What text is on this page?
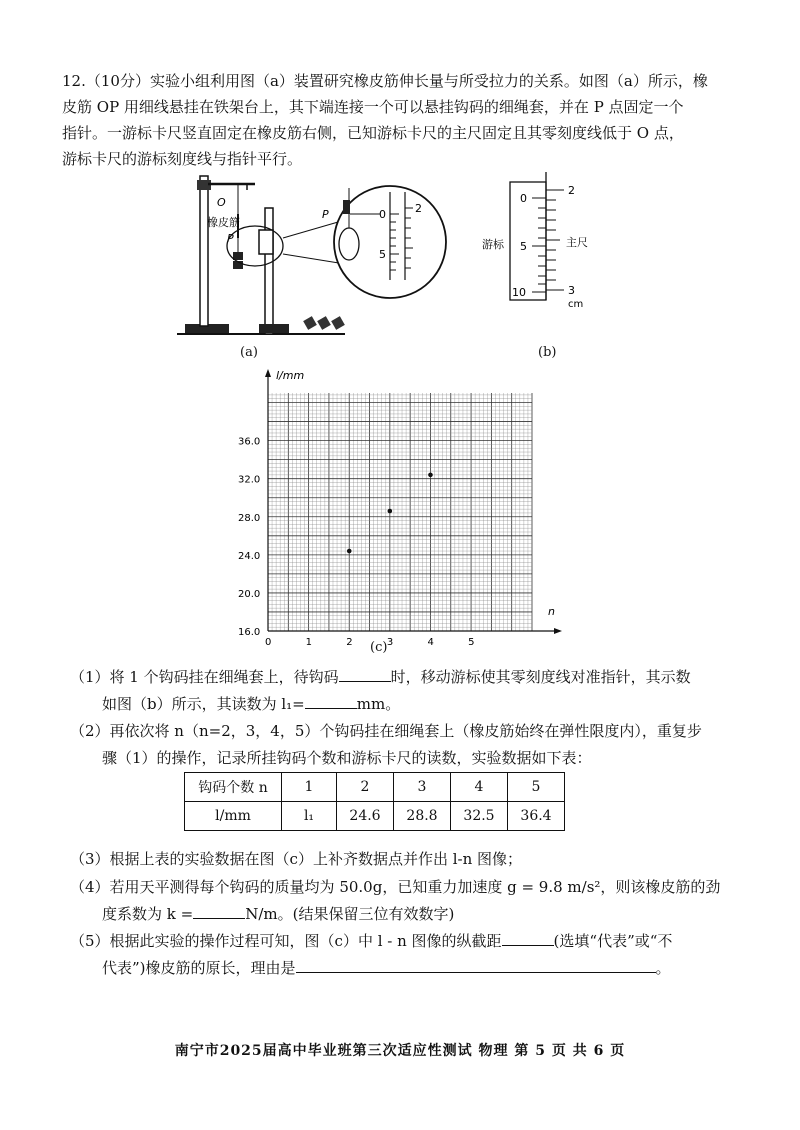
12.（10分）实验小组利用图（a）装置研究橡皮筋伸长量与所受拉力的关系。如图（a）所示，橡

皮筋 OP 用细线悬挂在铁架台上，其下端连接一个可以悬挂钩码的细绳套，并在 P 点固定一个

指针。一游标卡尺竖直固定在橡皮筋右侧，已知游标卡尺的主尺固定且其零刻度线低于 O 点，

游标卡尺的游标刻度线与指针平行。

O
橡皮筋
P
P	0
5
2
(a)
2
3
cm
0
5
10
游标	主尺
(b)
0	1	2	3	4	5
16.0
20.0
24.0
28.0
32.0
36.0
l/mm
n
(c)
（1）将 1 个钩码挂在细绳套上，待钩码	时，移动游标使其零刻度线对准指针，其示数
如图（b）所示，其读数为 l₁=	mm。
（2）再依次将 n（n=2，3，4，5）个钩码挂在细绳套上（橡皮筋始终在弹性限度内），重复步
骤（1）的操作，记录所挂钩码个数和游标卡尺的读数，实验数据如下表：
钩码个数 n	1	2	3	4	5
l/mm	l₁	24.6	28.8	32.5	36.4
（3）根据上表的实验数据在图（c）上补齐数据点并作出 l-n 图像；
（4）若用天平测得每个钩码的质量均为 50.0g，已知重力加速度 g = 9.8 m/s²，则该橡皮筋的劲
度系数为 k =	N/m。(结果保留三位有效数字)
（5）根据此实验的操作过程可知，图（c）中 l - n 图像的纵截距	(选填“代表”或“不
代表”)橡皮筋的原长，理由是	。
南宁市2025届高中毕业班第三次适应性测试 物理 第 5 页 共 6 页
